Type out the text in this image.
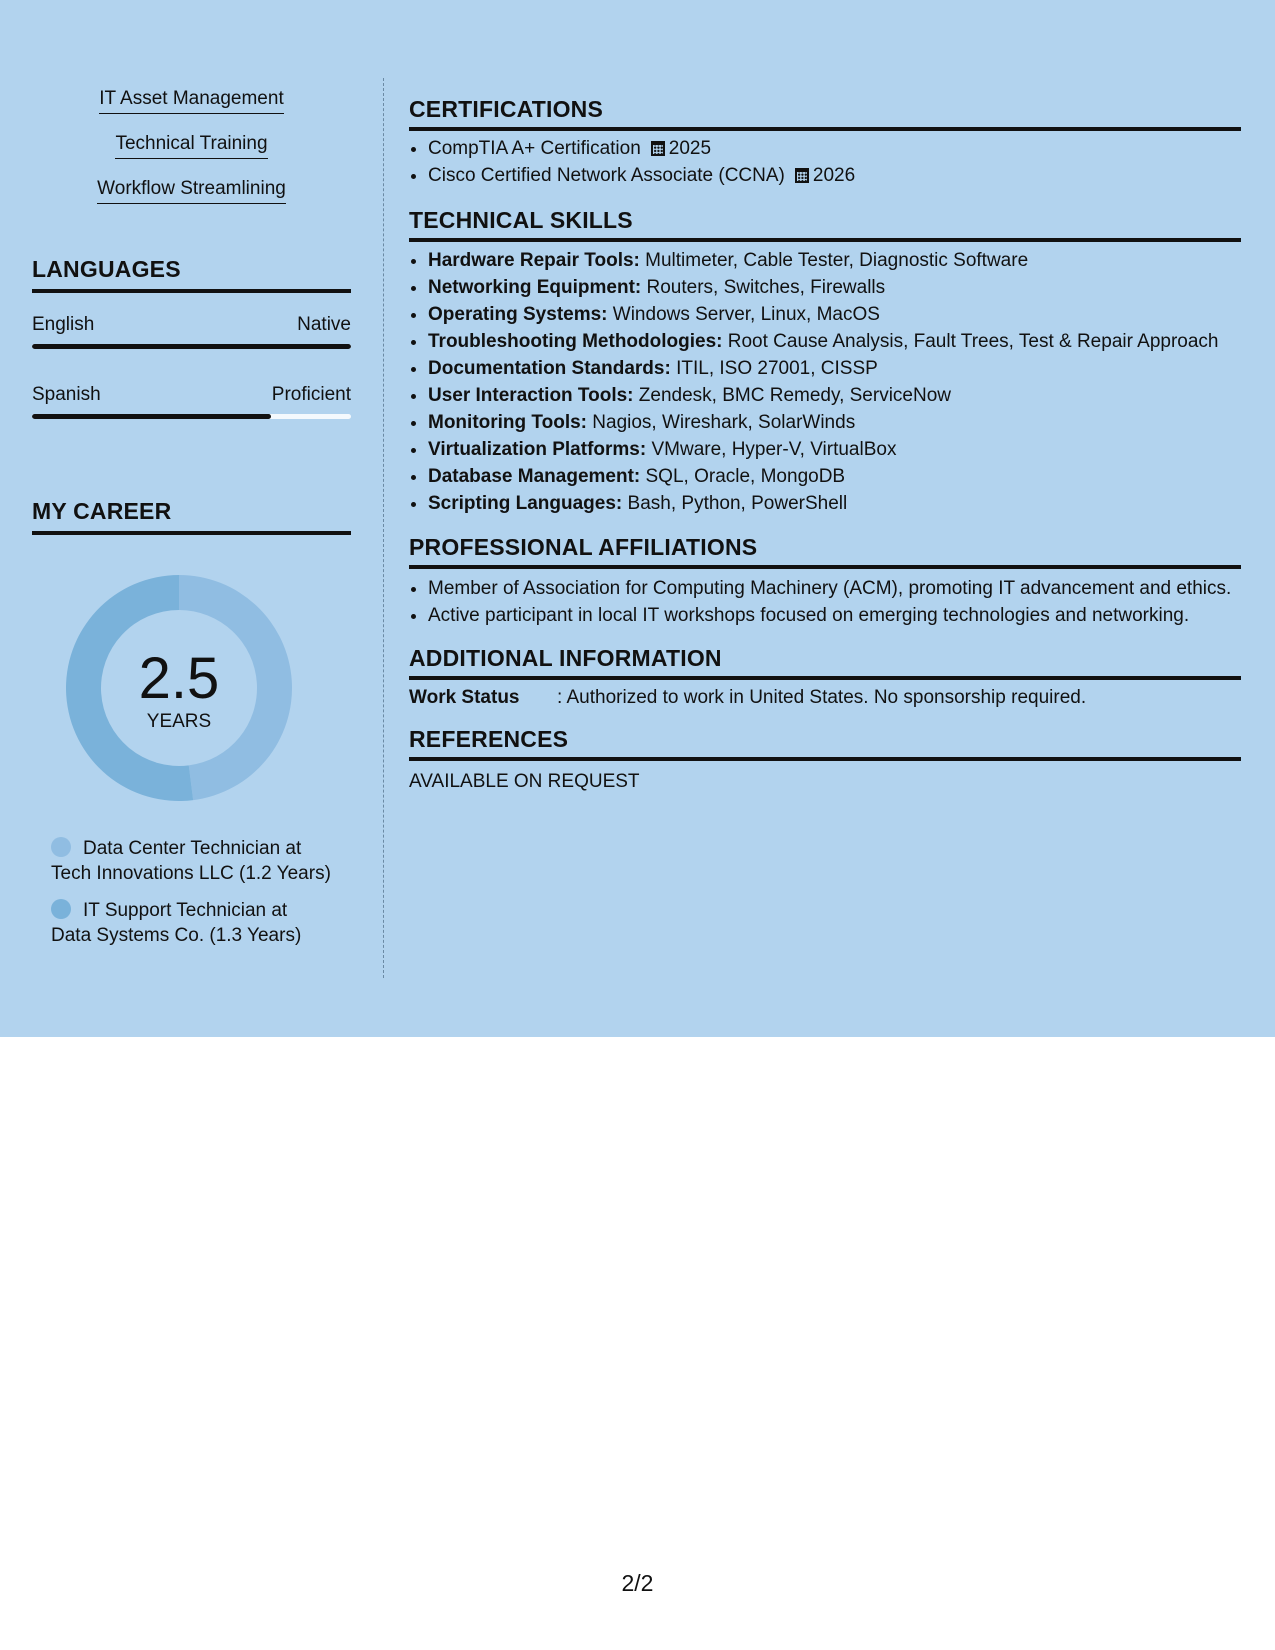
IT Asset Management
Technical Training
Workflow Streamlining
LANGUAGES
English	Native
Spanish	Proficient
MY CAREER
Data Center Technician at
Tech Innovations LLC (1.2 Years)
IT Support Technician at
Data Systems Co. (1.3 Years)
2.5
YEARS
CERTIFICATIONS
• CompTIA A+ Certification 2025
• Cisco Certified Network Associate (CCNA) 2026
TECHNICAL SKILLS
• Hardware Repair Tools: Multimeter, Cable Tester, Diagnostic Software
• Networking Equipment: Routers, Switches, Firewalls
• Operating Systems: Windows Server, Linux, MacOS
• Troubleshooting Methodologies: Root Cause Analysis, Fault Trees, Test & Repair Approach
• Documentation Standards: ITIL, ISO 27001, CISSP
• User Interaction Tools: Zendesk, BMC Remedy, ServiceNow
• Monitoring Tools: Nagios, Wireshark, SolarWinds
• Virtualization Platforms: VMware, Hyper-V, VirtualBox
• Database Management: SQL, Oracle, MongoDB
• Scripting Languages: Bash, Python, PowerShell
PROFESSIONAL AFFILIATIONS
• Member of Association for Computing Machinery (ACM), promoting IT advancement and ethics.
• Active participant in local IT workshops focused on emerging technologies and networking.
ADDITIONAL INFORMATION
Work Status : Authorized to work in United States. No sponsorship required.
REFERENCES
AVAILABLE ON REQUEST
2/2
